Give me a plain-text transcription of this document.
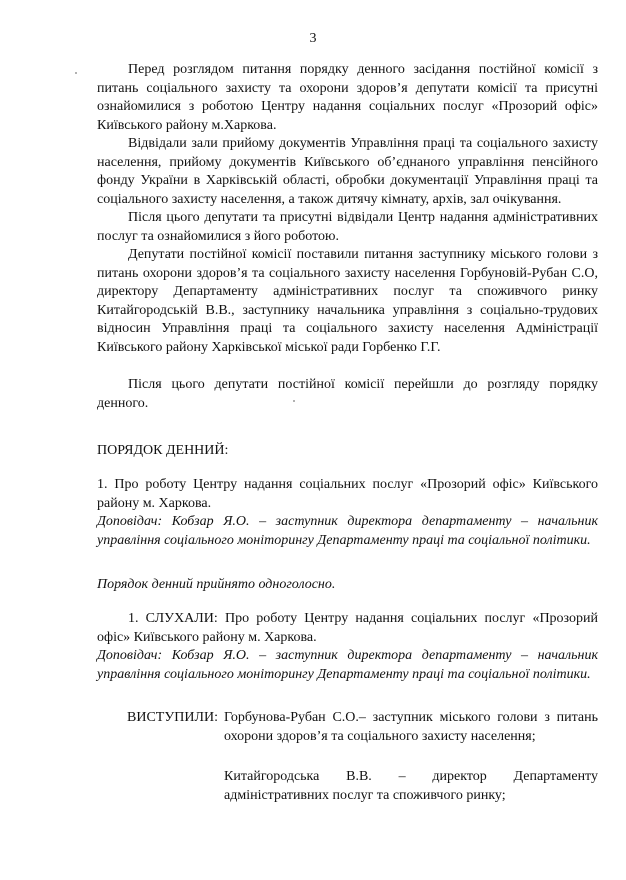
3

Перед розглядом питання порядку денного засідання постійної комісії з питань соціального захисту та охорони здоров’я депутати комісії та присутні ознайомилися з роботою Центру надання соціальних послуг «Прозорий офіс» Київського району м.Харкова.

Відвідали зали прийому документів Управління праці та соціального захисту населення, прийому документів Київського об’єднаного управління пенсійного фонду України в Харківській області, обробки документації Управління праці та соціального захисту населення, а також дитячу кімнату, архів, зал очікування.

Після цього депутати та присутні відвідали Центр надання адміністративних послуг та ознайомилися з його роботою.

Депутати постійної комісії поставили питання заступнику міського голови з питань охорони здоров’я та соціального захисту населення Горбуновій-Рубан С.О, директору Департаменту адміністративних послуг та споживчого ринку Китайгородській В.В., заступнику начальника управління з соціально-трудових відносин Управління праці та соціального захисту населення Адміністрації Київського району Харківської міської ради Горбенко Г.Г.

Після цього депутати постійної комісії перейшли до розгляду порядку денного.

ПОРЯДОК ДЕННИЙ:

1. Про роботу Центру надання соціальних послуг «Прозорий офіс» Київського району м. Харкова.

Доповідач: Кобзар Я.О. – заступник директора департаменту – начальник управління соціального моніторингу Департаменту праці та соціальної політики.

Порядок денний прийнято одноголосно.

1. СЛУХАЛИ: Про роботу Центру надання соціальних послуг «Прозорий офіс» Київського району м. Харкова.

Доповідач: Кобзар Я.О. – заступник директора департаменту – начальник управління соціального моніторингу Департаменту праці та соціальної політики.

ВИСТУПИЛИ: Горбунова-Рубан С.О.– заступник міського голови з питань охорони здоров’я та соціального захисту населення;
Китайгородська В.В. – директор Департаменту адміністративних послуг та споживчого ринку;
